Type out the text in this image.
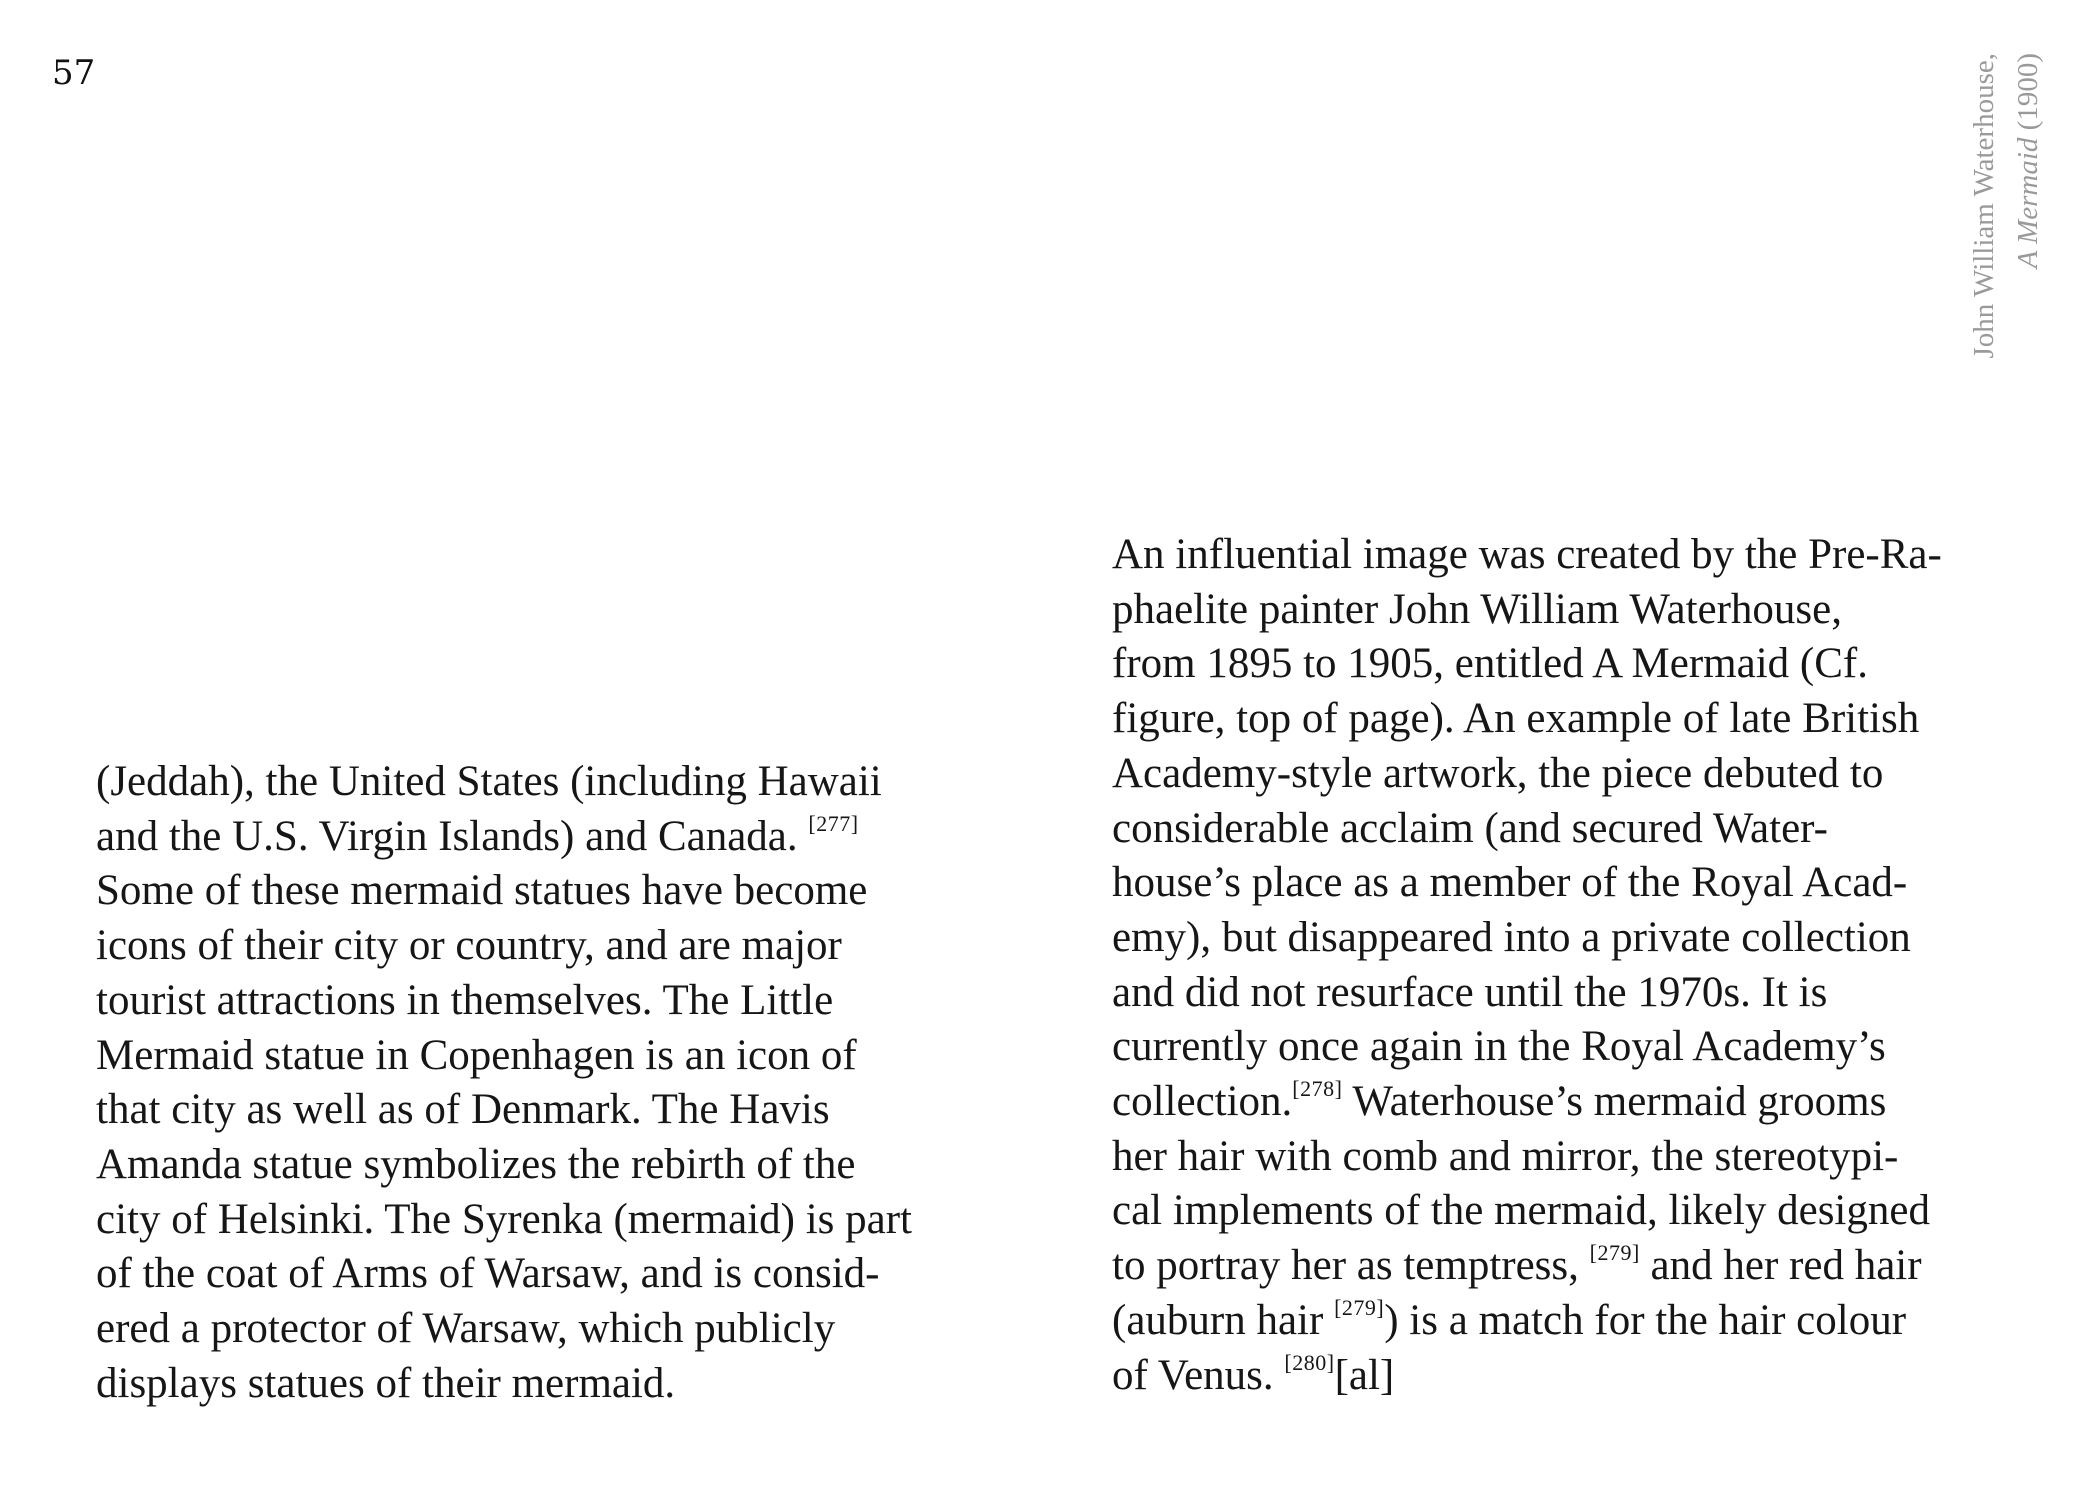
57	John William Waterhouse, A Mermaid (1900)
(Jeddah), the United States (including Hawaii
and the U.S. Virgin Islands) and Canada. [277]
Some of these mermaid statues have become
icons of their city or country, and are major
tourist attractions in themselves. The Little
Mermaid statue in Copenhagen is an icon of
that city as well as of Denmark. The Havis
Amanda statue symbolizes the rebirth of the
city of Helsinki. The Syrenka (mermaid) is part
of the coat of Arms of Warsaw, and is consid-
ered a protector of Warsaw, which publicly
displays statues of their mermaid.
An influential image was created by the Pre-Ra-
phaelite painter John William Waterhouse,
from 1895 to 1905, entitled A Mermaid (Cf.
figure, top of page). An example of late British
Academy-style artwork, the piece debuted to
considerable acclaim (and secured Water-
house’s place as a member of the Royal Acad-
emy), but disappeared into a private collection
and did not resurface until the 1970s. It is
currently once again in the Royal Academy’s
collection.[278] Waterhouse’s mermaid grooms
her hair with comb and mirror, the stereotypi-
cal implements of the mermaid, likely designed
to portray her as temptress, [279] and her red hair
(auburn hair [279]) is a match for the hair colour
of Venus. [280][al]
